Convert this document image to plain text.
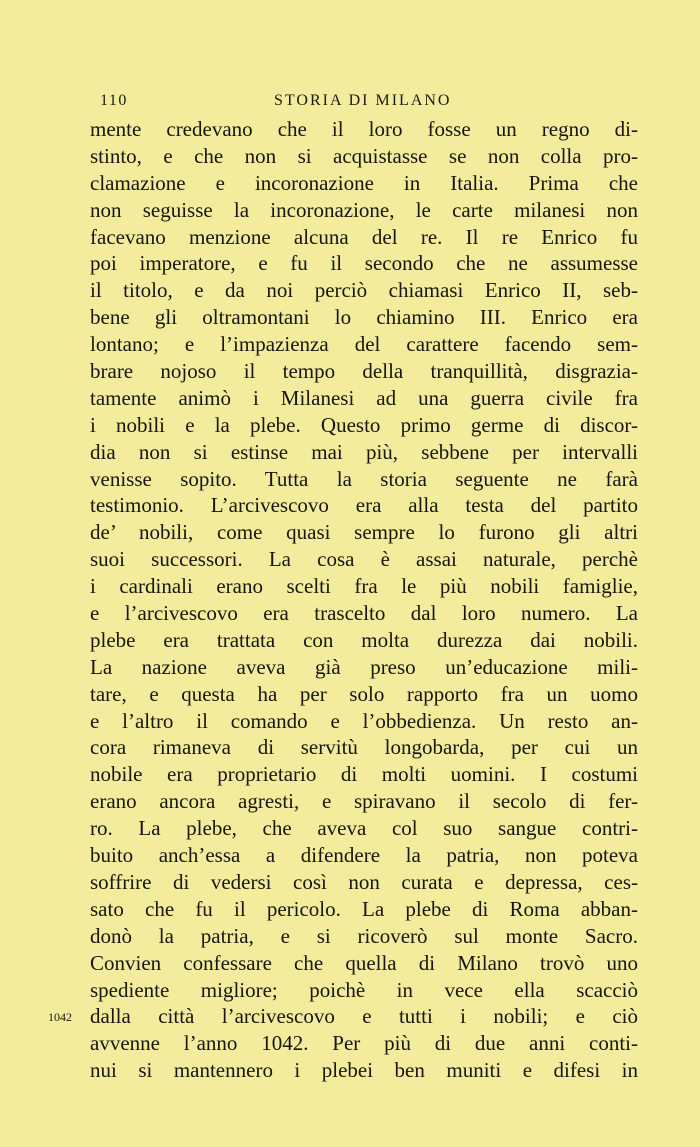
110	STORIA DI MILANO
1042
mente credevano che il loro fosse un regno di-
stinto, e che non si acquistasse se non colla pro-
clamazione e incoronazione in Italia. Prima che
non seguisse la incoronazione, le carte milanesi non
facevano menzione alcuna del re. Il re Enrico fu
poi imperatore, e fu il secondo che ne assumesse
il titolo, e da noi perciò chiamasi Enrico II, seb-
bene gli oltramontani lo chiamino III. Enrico era
lontano; e l’impazienza del carattere facendo sem-
brare nojoso il tempo della tranquillità, disgrazia-
tamente animò i Milanesi ad una guerra civile fra
i nobili e la plebe. Questo primo germe di discor-
dia non si estinse mai più, sebbene per intervalli
venisse sopito. Tutta la storia seguente ne farà
testimonio. L’arcivescovo era alla testa del partito
de’ nobili, come quasi sempre lo furono gli altri
suoi successori. La cosa è assai naturale, perchè
i cardinali erano scelti fra le più nobili famiglie,
e l’arcivescovo era trascelto dal loro numero. La
plebe era trattata con molta durezza dai nobili.
La nazione aveva già preso un’educazione mili-
tare, e questa ha per solo rapporto fra un uomo
e l’altro il comando e l’obbedienza. Un resto an-
cora rimaneva di servitù longobarda, per cui un
nobile era proprietario di molti uomini. I costumi
erano ancora agresti, e spiravano il secolo di fer-
ro. La plebe, che aveva col suo sangue contri-
buito anch’essa a difendere la patria, non poteva
soffrire di vedersi così non curata e depressa, ces-
sato che fu il pericolo. La plebe di Roma abban-
donò la patria, e si ricoverò sul monte Sacro.
Convien confessare che quella di Milano trovò uno
spediente migliore; poichè in vece ella scacciò
dalla città l’arcivescovo e tutti i nobili; e ciò
avvenne l’anno 1042. Per più di due anni conti-
nui si mantennero i plebei ben muniti e difesi in
